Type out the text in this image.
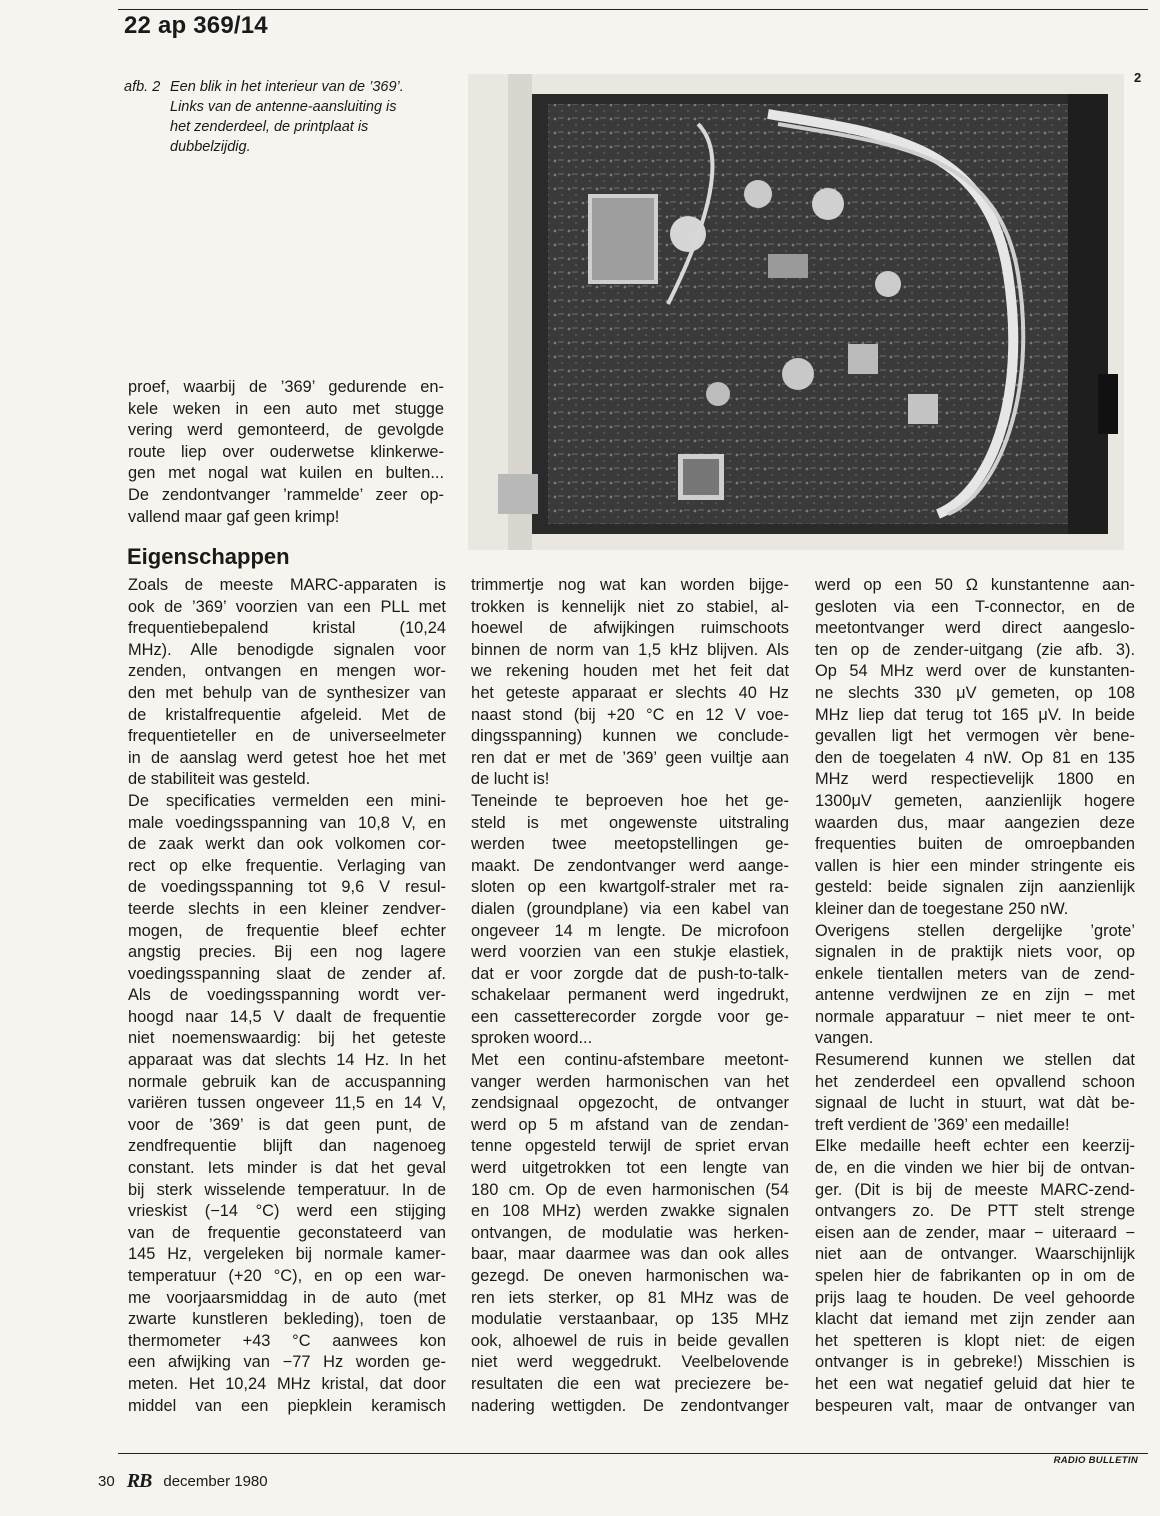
22 ap 369/14
afb. 2 Een blik in het interieur van de ’369’.
Links van de antenne-aansluiting is
het zenderdeel, de printplaat is
dubbelzijdig.
2
proef, waarbij de ’369’ gedurende en-
kele weken in een auto met stugge
vering werd gemonteerd, de gevolgde
route liep over ouderwetse klinkerwe-
gen met nogal wat kuilen en bulten...
De zendontvanger ’rammelde’ zeer op-
vallend maar gaf geen krimp!
Eigenschappen
Zoals de meeste MARC-apparaten is
ook de ’369’ voorzien van een PLL met
frequentiebepalend kristal (10,24
MHz). Alle benodigde signalen voor
zenden, ontvangen en mengen wor-
den met behulp van de synthesizer van
de kristalfrequentie afgeleid. Met de
frequentieteller en de universeelmeter
in de aanslag werd getest hoe het met
de stabiliteit was gesteld.
De specificaties vermelden een mini-
male voedingsspanning van 10,8 V, en
de zaak werkt dan ook volkomen cor-
rect op elke frequentie. Verlaging van
de voedingsspanning tot 9,6 V resul-
teerde slechts in een kleiner zendver-
mogen, de frequentie bleef echter
angstig precies. Bij een nog lagere
voedingsspanning slaat de zender af.
Als de voedingsspanning wordt ver-
hoogd naar 14,5 V daalt de frequentie
niet noemenswaardig: bij het geteste
apparaat was dat slechts 14 Hz. In het
normale gebruik kan de accuspanning
variëren tussen ongeveer 11,5 en 14 V,
voor de ’369’ is dat geen punt, de
zendfrequentie blijft dan nagenoeg
constant. Iets minder is dat het geval
bij sterk wisselende temperatuur. In de
vrieskist (−14 °C) werd een stijging
van de frequentie geconstateerd van
145 Hz, vergeleken bij normale kamer-
temperatuur (+20 °C), en op een war-
me voorjaarsmiddag in de auto (met
zwarte kunstleren bekleding), toen de
thermometer +43 °C aanwees kon
een afwijking van −77 Hz worden ge-
meten. Het 10,24 MHz kristal, dat door
middel van een piepklein keramisch
trimmertje nog wat kan worden bijge-
trokken is kennelijk niet zo stabiel, al-
hoewel de afwijkingen ruimschoots
binnen de norm van 1,5 kHz blijven. Als
we rekening houden met het feit dat
het geteste apparaat er slechts 40 Hz
naast stond (bij +20 °C en 12 V voe-
dingsspanning) kunnen we conclude-
ren dat er met de ’369’ geen vuiltje aan
de lucht is!
Teneinde te beproeven hoe het ge-
steld is met ongewenste uitstraling
werden twee meetopstellingen ge-
maakt. De zendontvanger werd aange-
sloten op een kwartgolf-straler met ra-
dialen (groundplane) via een kabel van
ongeveer 14 m lengte. De microfoon
werd voorzien van een stukje elastiek,
dat er voor zorgde dat de push-to-talk-
schakelaar permanent werd ingedrukt,
een cassetterecorder zorgde voor ge-
sproken woord...
Met een continu-afstembare meetont-
vanger werden harmonischen van het
zendsignaal opgezocht, de ontvanger
werd op 5 m afstand van de zendan-
tenne opgesteld terwijl de spriet ervan
werd uitgetrokken tot een lengte van
180 cm. Op de even harmonischen (54
en 108 MHz) werden zwakke signalen
ontvangen, de modulatie was herken-
baar, maar daarmee was dan ook alles
gezegd. De oneven harmonischen wa-
ren iets sterker, op 81 MHz was de
modulatie verstaanbaar, op 135 MHz
ook, alhoewel de ruis in beide gevallen
niet werd weggedrukt. Veelbelovende
resultaten die een wat preciezere be-
nadering wettigden. De zendontvanger
werd op een 50 Ω kunstantenne aan-
gesloten via een T-connector, en de
meetontvanger werd direct aangeslo-
ten op de zender-uitgang (zie afb. 3).
Op 54 MHz werd over de kunstanten-
ne slechts 330 μV gemeten, op 108
MHz liep dat terug tot 165 μV. In beide
gevallen ligt het vermogen vèr bene-
den de toegelaten 4 nW. Op 81 en 135
MHz werd respectievelijk 1800 en
1300μV gemeten, aanzienlijk hogere
waarden dus, maar aangezien deze
frequenties buiten de omroepbanden
vallen is hier een minder stringente eis
gesteld: beide signalen zijn aanzienlijk
kleiner dan de toegestane 250 nW.
Overigens stellen dergelijke ’grote’
signalen in de praktijk niets voor, op
enkele tientallen meters van de zend-
antenne verdwijnen ze en zijn − met
normale apparatuur − niet meer te ont-
vangen.
Resumerend kunnen we stellen dat
het zenderdeel een opvallend schoon
signaal de lucht in stuurt, wat dàt be-
treft verdient de ’369’ een medaille!
Elke medaille heeft echter een keerzij-
de, en die vinden we hier bij de ontvan-
ger. (Dit is bij de meeste MARC-zend-
ontvangers zo. De PTT stelt strenge
eisen aan de zender, maar − uiteraard −
niet aan de ontvanger. Waarschijnlijk
spelen hier de fabrikanten op in om de
prijs laag te houden. De veel gehoorde
klacht dat iemand met zijn zender aan
het spetteren is klopt niet: de eigen
ontvanger is in gebreke!) Misschien is
het een wat negatief geluid dat hier te
bespeuren valt, maar de ontvanger van
30 RB december 1980
RADIO BULLETIN
